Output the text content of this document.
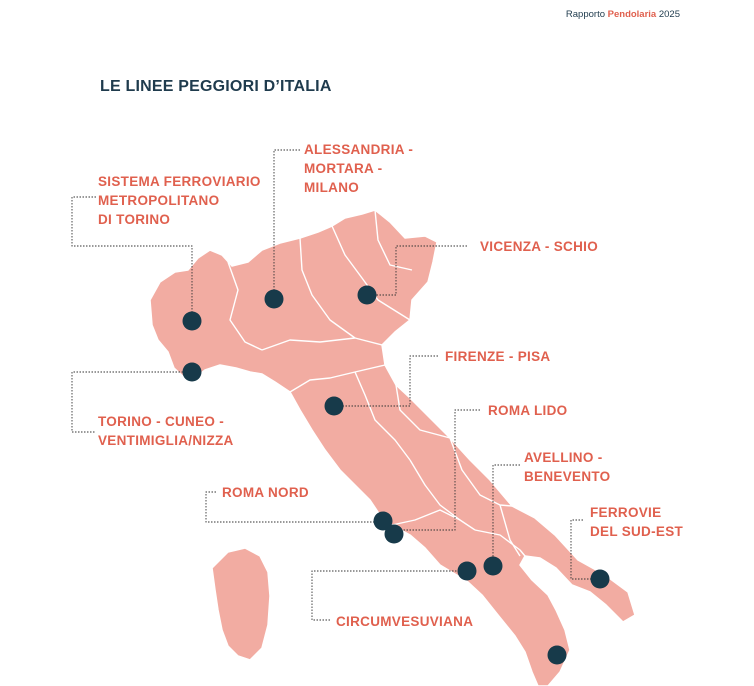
Rapporto Pendolaria 2025
LE LINEE PEGGIORI D’ITALIA
SISTEMA FERROVIARIO
METROPOLITANO
DI TORINO
ALESSANDRIA -
MORTARA -
MILANO
VICENZA - SCHIO
TORINO - CUNEO -
VENTIMIGLIA/NIZZA
FIRENZE - PISA
ROMA LIDO
ROMA NORD
AVELLINO -
BENEVENTO
FERROVIE
DEL SUD-EST
CIRCUMVESUVIANA
